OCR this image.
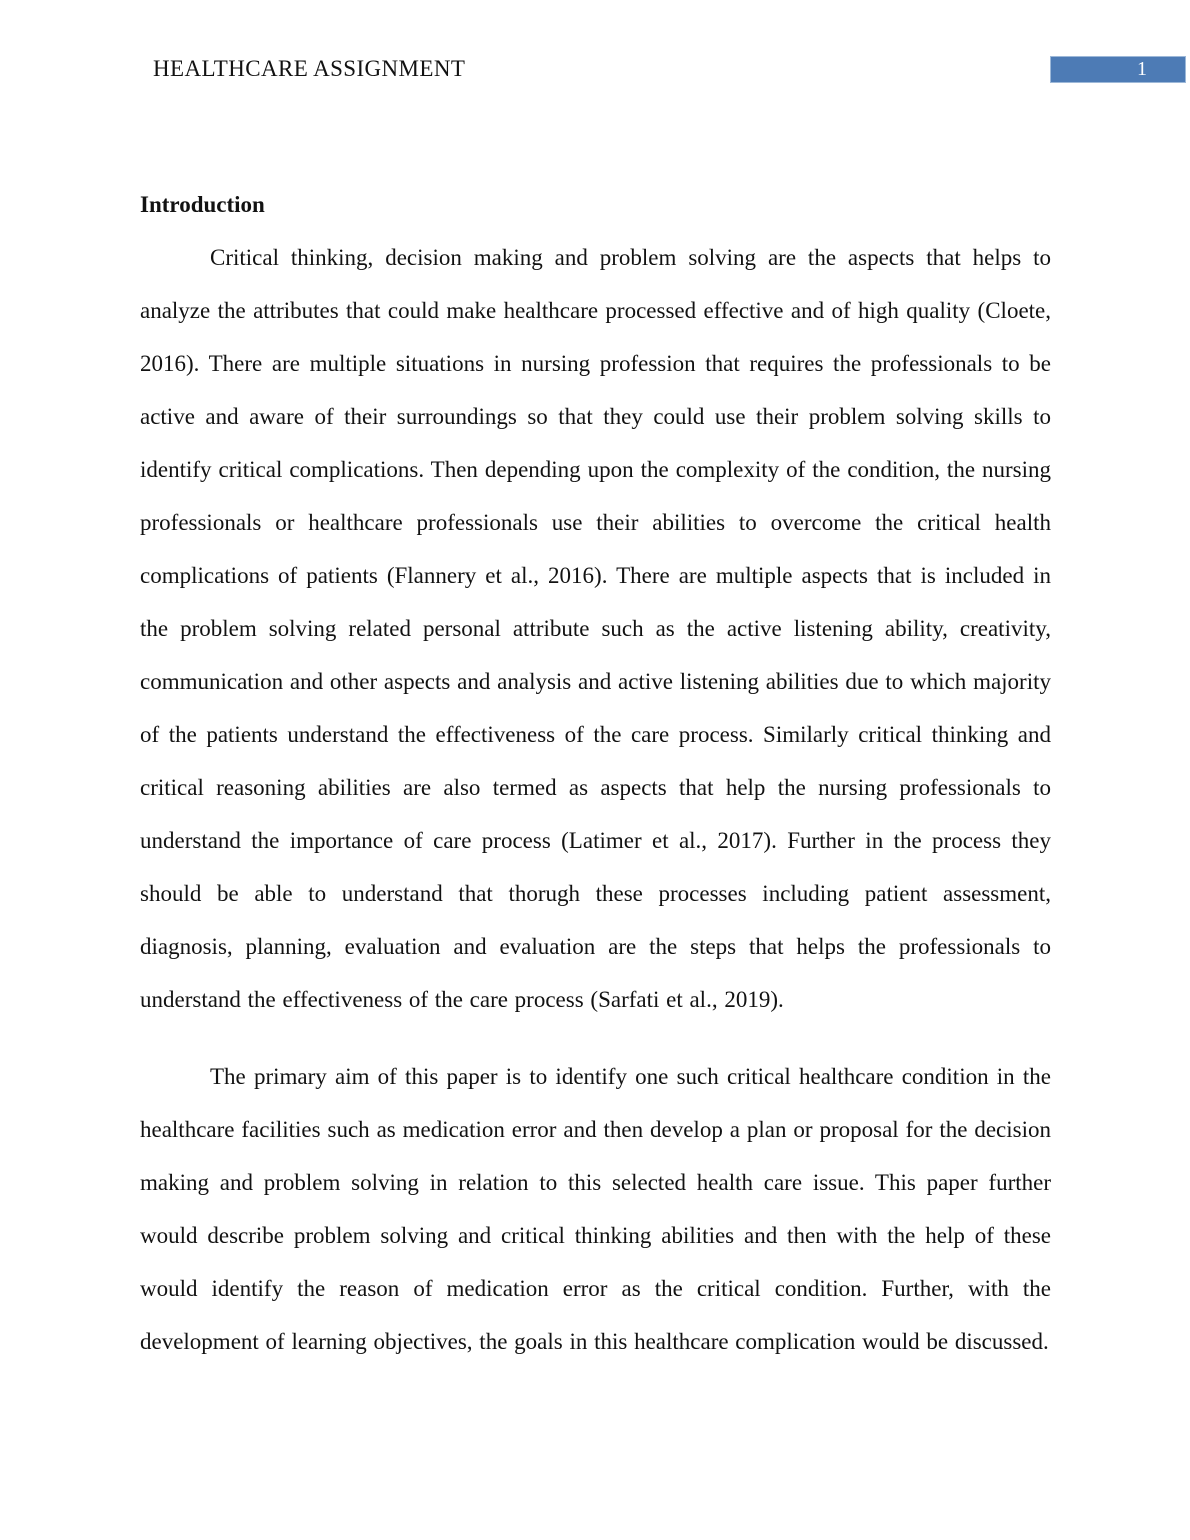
HEALTHCARE ASSIGNMENT	1
Introduction

Critical thinking, decision making and problem solving are the aspects that helps to analyze the attributes that could make healthcare processed effective and of high quality (Cloete, 2016). There are multiple situations in nursing profession that requires the professionals to be active and aware of their surroundings so that they could use their problem solving skills to identify critical complications. Then depending upon the complexity of the condition, the nursing professionals or healthcare professionals use their abilities to overcome the critical health complications of patients (Flannery et al., 2016). There are multiple aspects that is included in the problem solving related personal attribute such as the active listening ability, creativity, communication and other aspects and analysis and active listening abilities due to which majority of the patients understand the effectiveness of the care process. Similarly critical thinking and critical reasoning abilities are also termed as aspects that help the nursing professionals to understand the importance of care process (Latimer et al., 2017). Further in the process they should be able to understand that thorugh these processes including patient assessment, diagnosis, planning, evaluation and evaluation are the steps that helps the professionals to understand the effectiveness of the care process (Sarfati et al., 2019).

The primary aim of this paper is to identify one such critical healthcare condition in the healthcare facilities such as medication error and then develop a plan or proposal for the decision making and problem solving in relation to this selected health care issue. This paper further would describe problem solving and critical thinking abilities and then with the help of these would identify the reason of medication error as the critical condition. Further, with the development of learning objectives, the goals in this healthcare complication would be discussed.
